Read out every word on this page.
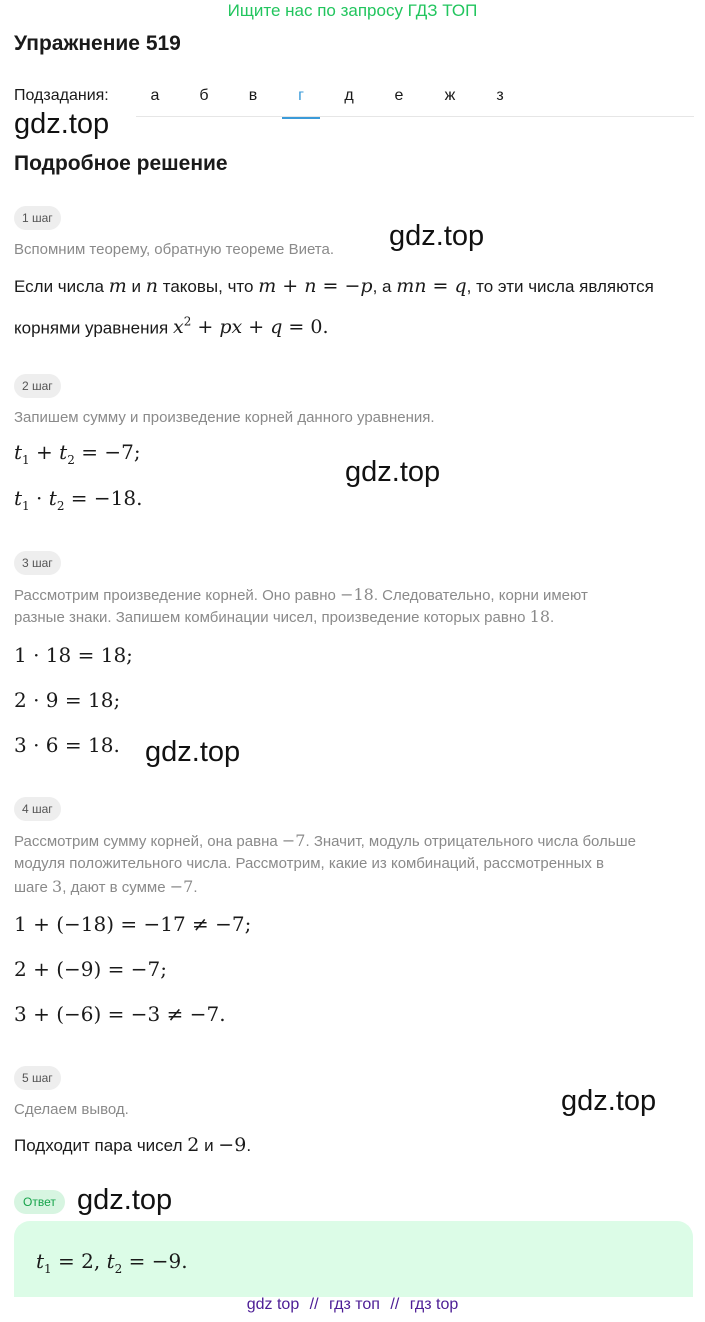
Ищите нас по запросу ГДЗ ТОП
Упражнение 519
Подзадания:	а	б	в	г	д	е	ж	з
gdz.top
gdz.top
gdz.top
gdz.top
gdz.top
gdz.top
Подробное решение
1 шаг
Вспомним теорему, обратную теореме Виета.
Если числа m и n таковы, что m + n = −p, а mn = q, то эти числа являются
корнями уравнения $x^2$ + px + q = 0.
2 шаг
Запишем сумму и произведение корней данного уравнения.
$t_1 + t_2 = -7$;
$t_1 \cdot t_2 = -18$.
3 шаг
Рассмотрим произведение корней. Оно равно −18. Следовательно, корни имеют
разные знаки. Запишем комбинации чисел, произведение которых равно 18.
1 · 18 = 18;
2 · 9 = 18;
3 · 6 = 18.
4 шаг
Рассмотрим сумму корней, она равна −7. Значит, модуль отрицательного числа больше
модуля положительного числа. Рассмотрим, какие из комбинаций, рассмотренных в
шаге 3, дают в сумме −7.
1 + (−18) = −17 ≠ −7;
2 + (−9) = −7;
3 + (−6) = −3 ≠ −7.
5 шаг
Сделаем вывод.
Подходит пара чисел 2 и −9.
Ответ
$t_1 = 2$, $t_2 = -9$.
gdz top // гдз топ // гдз top
